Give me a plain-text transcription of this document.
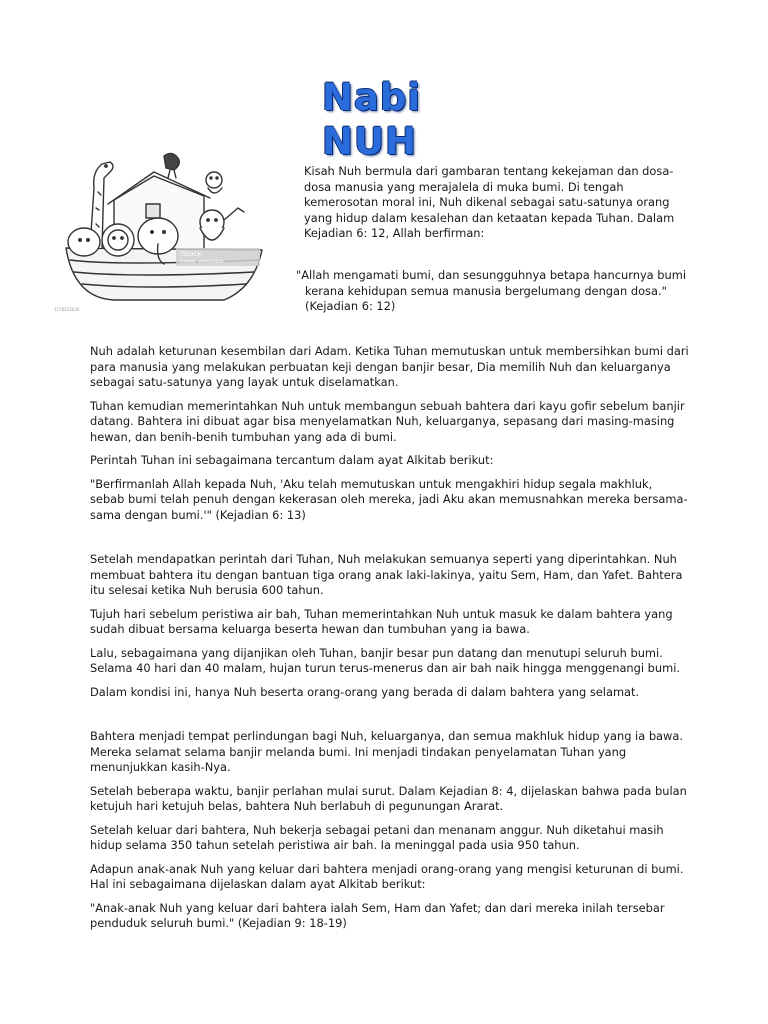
Nabi
NUH
iStock
Credit: vectorator
1276153620

Kisah Nuh bermula dari gambaran tentang kekejaman dan dosa-dosa manusia yang merajalela di muka bumi. Di tengah kemerosotan moral ini, Nuh dikenal sebagai satu-satunya orang yang hidup dalam kesalehan dan ketaatan kepada Tuhan. Dalam Kejadian 6: 12, Allah berfirman:

"Allah mengamati bumi, dan sesungguhnya betapa hancurnya bumi kerana kehidupan semua manusia bergelumang dengan dosa." (Kejadian 6: 12)

Nuh adalah keturunan kesembilan dari Adam. Ketika Tuhan memutuskan untuk membersihkan bumi dari para manusia yang melakukan perbuatan keji dengan banjir besar, Dia memilih Nuh dan keluarganya sebagai satu-satunya yang layak untuk diselamatkan.

Tuhan kemudian memerintahkan Nuh untuk membangun sebuah bahtera dari kayu gofir sebelum banjir datang. Bahtera ini dibuat agar bisa menyelamatkan Nuh, keluarganya, sepasang dari masing-masing hewan, dan benih-benih tumbuhan yang ada di bumi.

Perintah Tuhan ini sebagaimana tercantum dalam ayat Alkitab berikut:

"Berfirmanlah Allah kepada Nuh, 'Aku telah memutuskan untuk mengakhiri hidup segala makhluk, sebab bumi telah penuh dengan kekerasan oleh mereka, jadi Aku akan memusnahkan mereka bersama-sama dengan bumi.'" (Kejadian 6: 13)

Setelah mendapatkan perintah dari Tuhan, Nuh melakukan semuanya seperti yang diperintahkan. Nuh membuat bahtera itu dengan bantuan tiga orang anak laki-lakinya, yaitu Sem, Ham, dan Yafet. Bahtera itu selesai ketika Nuh berusia 600 tahun.

Tujuh hari sebelum peristiwa air bah, Tuhan memerintahkan Nuh untuk masuk ke dalam bahtera yang sudah dibuat bersama keluarga beserta hewan dan tumbuhan yang ia bawa.

Lalu, sebagaimana yang dijanjikan oleh Tuhan, banjir besar pun datang dan menutupi seluruh bumi. Selama 40 hari dan 40 malam, hujan turun terus-menerus dan air bah naik hingga menggenangi bumi.

Dalam kondisi ini, hanya Nuh beserta orang-orang yang berada di dalam bahtera yang selamat.

Bahtera menjadi tempat perlindungan bagi Nuh, keluarganya, dan semua makhluk hidup yang ia bawa. Mereka selamat selama banjir melanda bumi. Ini menjadi tindakan penyelamatan Tuhan yang menunjukkan kasih-Nya.

Setelah beberapa waktu, banjir perlahan mulai surut. Dalam Kejadian 8: 4, dijelaskan bahwa pada bulan ketujuh hari ketujuh belas, bahtera Nuh berlabuh di pegunungan Ararat.

Setelah keluar dari bahtera, Nuh bekerja sebagai petani dan menanam anggur. Nuh diketahui masih hidup selama 350 tahun setelah peristiwa air bah. Ia meninggal pada usia 950 tahun.

Adapun anak-anak Nuh yang keluar dari bahtera menjadi orang-orang yang mengisi keturunan di bumi. Hal ini sebagaimana dijelaskan dalam ayat Alkitab berikut:

"Anak-anak Nuh yang keluar dari bahtera ialah Sem, Ham dan Yafet; dan dari mereka inilah tersebar penduduk seluruh bumi." (Kejadian 9: 18-19)
